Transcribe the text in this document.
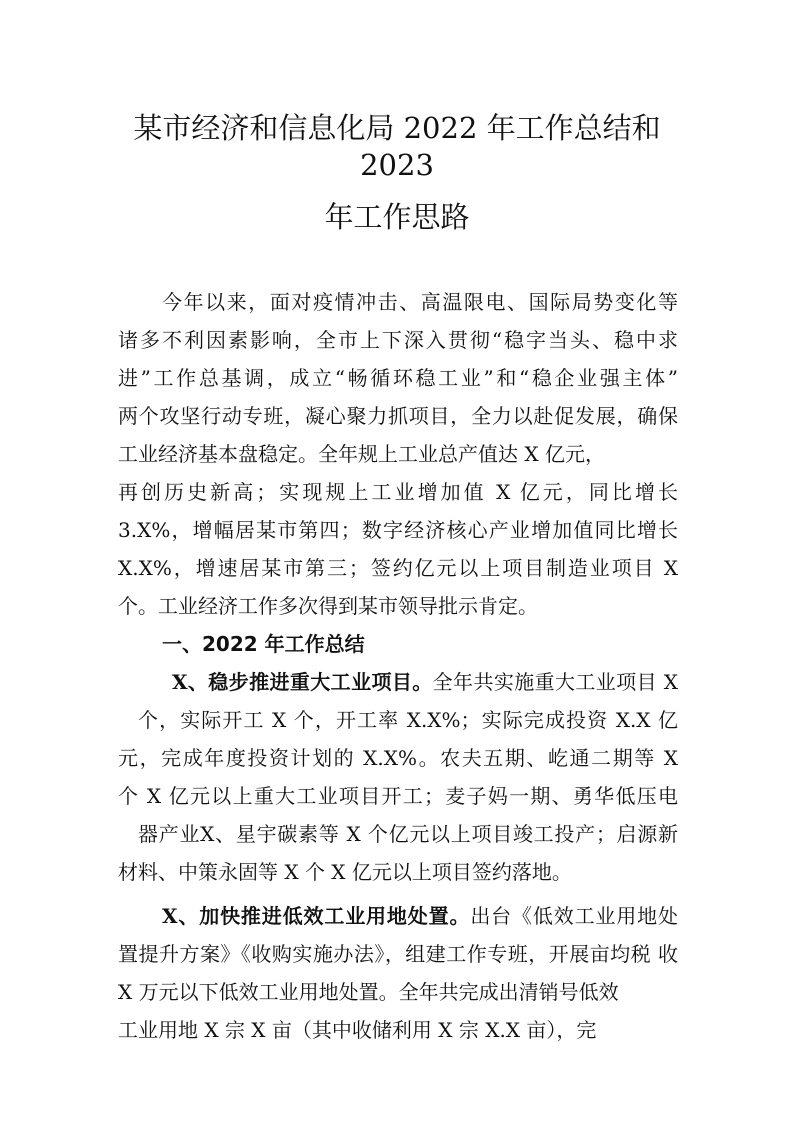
某市经济和信息化局 2022 年工作总结和
2023
年工作思路
今年以来，面对疫情冲击、高温限电、国际局势变化等
诸多不利因素影响，全市上下深入贯彻“稳字当头、稳中求
进”工作总基调，成立“畅循环稳工业”和“稳企业强主体”
两个攻坚行动专班，凝心聚力抓项目，全力以赴促发展，确保
工业经济基本盘稳定。全年规上工业总产值达 X 亿元，
再创历史新高；实现规上工业增加值 X 亿元，同比增长
3.X%，增幅居某市第四；数字经济核心产业增加值同比增长
X.X%，增速居某市第三；签约亿元以上项目制造业项目 X
个。工业经济工作多次得到某市领导批示肯定。
一、2022 年工作总结
X、稳步推进重大工业项目。全年共实施重大工业项目 X
个，实际开工 X 个，开工率 X.X%；实际完成投资 X.X 亿
元，完成年度投资计划的 X.X%。农夫五期、屹通二期等 X
个 X 亿元以上重大工业项目开工；麦子妈一期、勇华低压电
器产业X、星宇碳素等 X 个亿元以上项目竣工投产；启源新
材料、中策永固等 X 个 X 亿元以上项目签约落地。
X、加快推进低效工业用地处置。出台《低效工业用地处
置提升方案》《收购实施办法》，组建工作专班，开展亩均税 收
X 万元以下低效工业用地处置。全年共完成出清销号低效
工业用地 X 宗 X 亩（其中收储利用 X 宗 X.X 亩），完
